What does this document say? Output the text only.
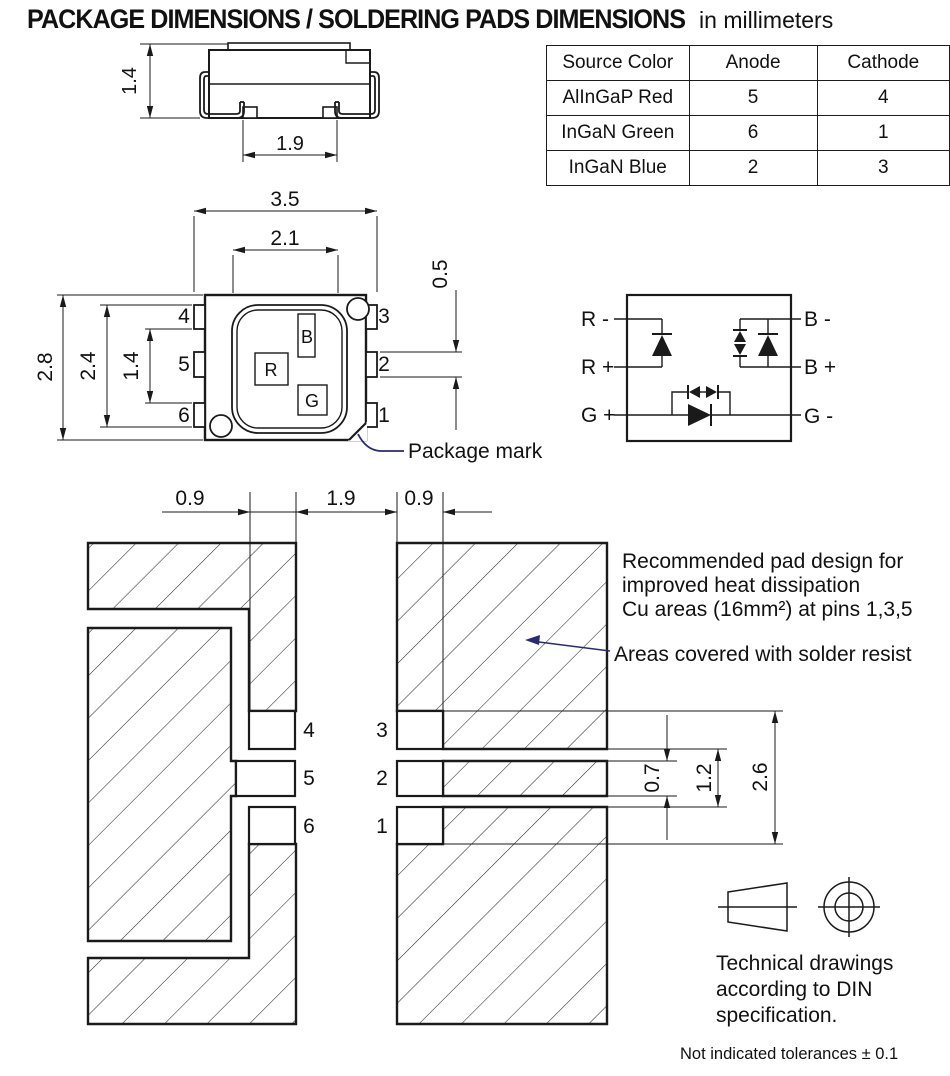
PACKAGE DIMENSIONS / SOLDERING PADS DIMENSIONS in millimeters
1.4
1.9
3.5
2.1
2.8 2.4 1.4
0.5
B
R
G
4
5
6
3
2
1
Package mark
R -
R +
G +
B -
B +
G -
4
5
6
3
2
1
0.9	1.9 0.9
0.7 1.2 2.6
Recommended pad design for
improved heat dissipation
Cu areas (16mm²) at pins 1,3,5
Areas covered with solder resist
Technical drawings
according to DIN
specification.
Not indicated tolerances ± 0.1
Source Color	Anode	Cathode
AlInGaP Red	5	4
InGaN Green	6	1
InGaN Blue	2	3
